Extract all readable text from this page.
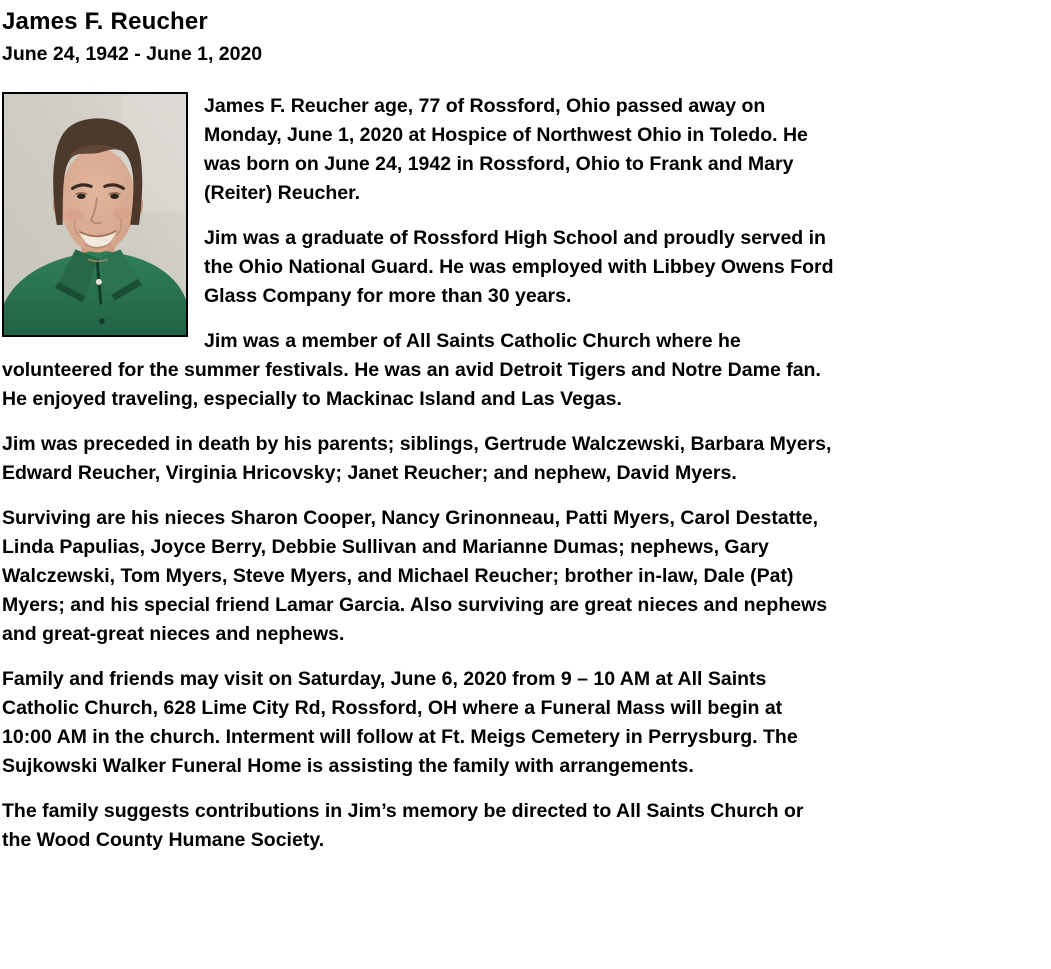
James F. Reucher
June 24, 1942 - June 1, 2020

James F. Reucher age, 77 of Rossford, Ohio passed away on Monday, June 1, 2020 at Hospice of Northwest Ohio in Toledo. He was born on June 24, 1942 in Rossford, Ohio to Frank and Mary (Reiter) Reucher.

Jim was a graduate of Rossford High School and proudly served in the Ohio National Guard. He was employed with Libbey Owens Ford Glass Company for more than 30 years.

Jim was a member of All Saints Catholic Church where he volunteered for the summer festivals. He was an avid Detroit Tigers and Notre Dame fan. He enjoyed traveling, especially to Mackinac Island and Las Vegas.

Jim was preceded in death by his parents; siblings, Gertrude Walczewski, Barbara Myers, Edward Reucher, Virginia Hricovsky; Janet Reucher; and nephew, David Myers.

Surviving are his nieces Sharon Cooper, Nancy Grinonneau, Patti Myers, Carol Destatte, Linda Papulias, Joyce Berry, Debbie Sullivan and Marianne Dumas; nephews, Gary Walczewski, Tom Myers, Steve Myers, and Michael Reucher; brother in-law, Dale (Pat) Myers; and his special friend Lamar Garcia. Also surviving are great nieces and nephews and great-great nieces and nephews.

Family and friends may visit on Saturday, June 6, 2020 from 9 – 10 AM at All Saints Catholic Church, 628 Lime City Rd, Rossford, OH where a Funeral Mass will begin at 10:00 AM in the church. Interment will follow at Ft. Meigs Cemetery in Perrysburg. The Sujkowski Walker Funeral Home is assisting the family with arrangements.

The family suggests contributions in Jim’s memory be directed to All Saints Church or the Wood County Humane Society.
